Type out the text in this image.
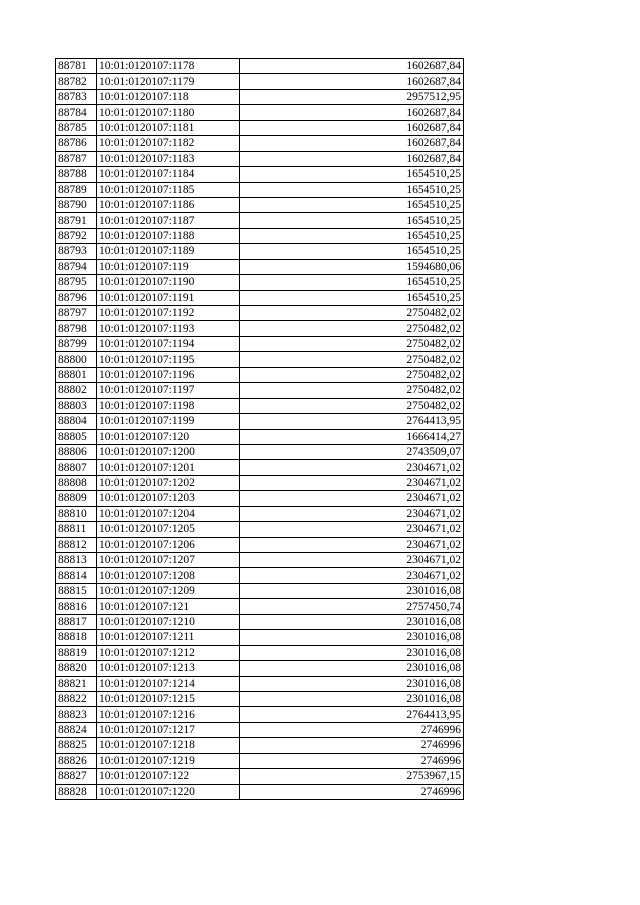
88781	10:01:0120107:1178	1602687,84
88782	10:01:0120107:1179	1602687,84
88783	10:01:0120107:118	2957512,95
88784	10:01:0120107:1180	1602687,84
88785	10:01:0120107:1181	1602687,84
88786	10:01:0120107:1182	1602687,84
88787	10:01:0120107:1183	1602687,84
88788	10:01:0120107:1184	1654510,25
88789	10:01:0120107:1185	1654510,25
88790	10:01:0120107:1186	1654510,25
88791	10:01:0120107:1187	1654510,25
88792	10:01:0120107:1188	1654510,25
88793	10:01:0120107:1189	1654510,25
88794	10:01:0120107:119	1594680,06
88795	10:01:0120107:1190	1654510,25
88796	10:01:0120107:1191	1654510,25
88797	10:01:0120107:1192	2750482,02
88798	10:01:0120107:1193	2750482,02
88799	10:01:0120107:1194	2750482,02
88800	10:01:0120107:1195	2750482,02
88801	10:01:0120107:1196	2750482,02
88802	10:01:0120107:1197	2750482,02
88803	10:01:0120107:1198	2750482,02
88804	10:01:0120107:1199	2764413,95
88805	10:01:0120107:120	1666414,27
88806	10:01:0120107:1200	2743509,07
88807	10:01:0120107:1201	2304671,02
88808	10:01:0120107:1202	2304671,02
88809	10:01:0120107:1203	2304671,02
88810	10:01:0120107:1204	2304671,02
88811	10:01:0120107:1205	2304671,02
88812	10:01:0120107:1206	2304671,02
88813	10:01:0120107:1207	2304671,02
88814	10:01:0120107:1208	2304671,02
88815	10:01:0120107:1209	2301016,08
88816	10:01:0120107:121	2757450,74
88817	10:01:0120107:1210	2301016,08
88818	10:01:0120107:1211	2301016,08
88819	10:01:0120107:1212	2301016,08
88820	10:01:0120107:1213	2301016,08
88821	10:01:0120107:1214	2301016,08
88822	10:01:0120107:1215	2301016,08
88823	10:01:0120107:1216	2764413,95
88824	10:01:0120107:1217	2746996
88825	10:01:0120107:1218	2746996
88826	10:01:0120107:1219	2746996
88827	10:01:0120107:122	2753967,15
88828	10:01:0120107:1220	2746996
